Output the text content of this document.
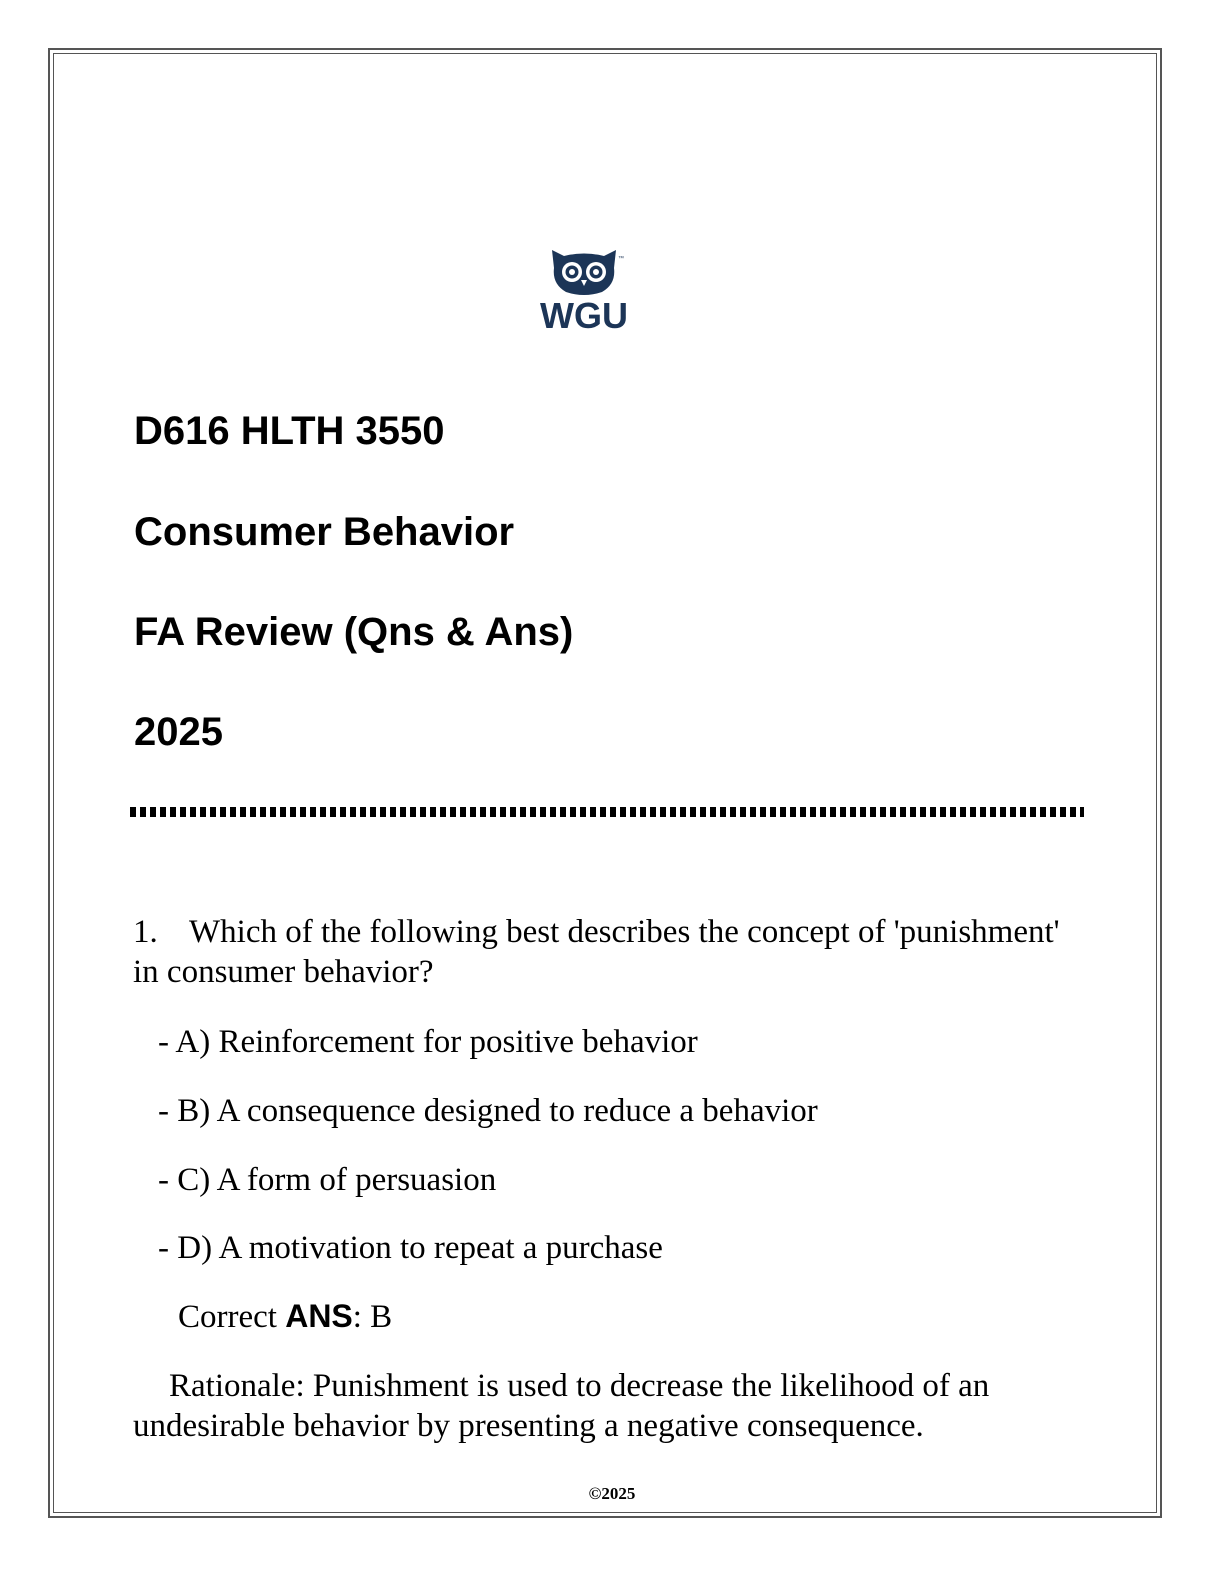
™
WGU
D616 HLTH 3550
Consumer Behavior
FA Review (Qns & Ans)
2025

1. Which of the following best describes the concept of 'punishment' in consumer behavior?

- A) Reinforcement for positive behavior

- B) A consequence designed to reduce a behavior

- C) A form of persuasion

- D) A motivation to repeat a purchase

Correct ANS: B

Rationale: Punishment is used to decrease the likelihood of an undesirable behavior by presenting a negative consequence.

©2025
